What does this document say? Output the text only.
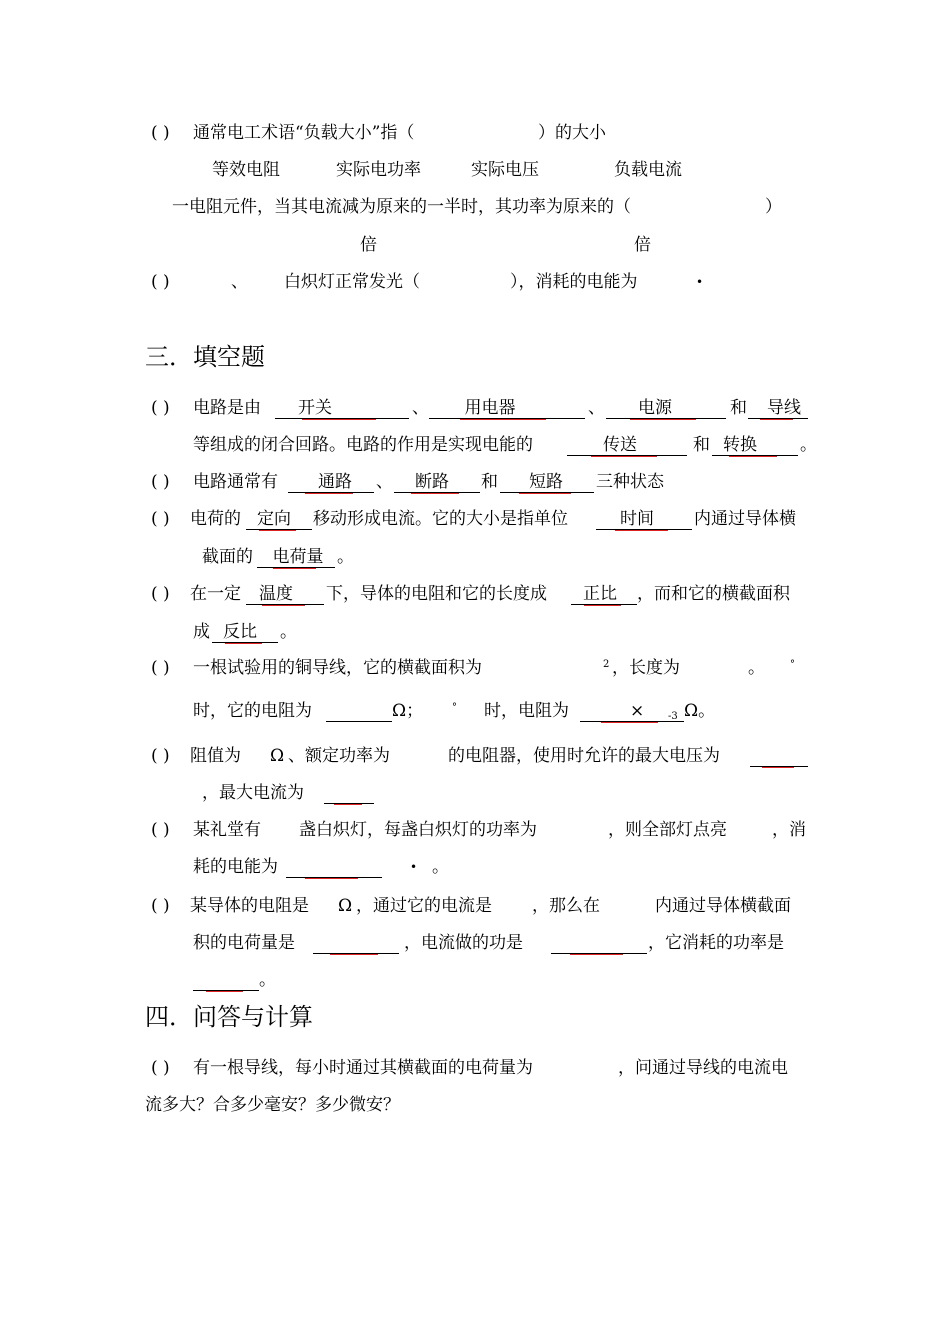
( ) 通常电工术语“负载大小”指（	）的大小
等效电阻	实际电功率	实际电压	负载电流
一电阻元件，当其电流减为原来的一半时，其功率为原来的（	）
倍	倍
( )	、 白炽灯正常发光（	），消耗的电能为	•
三．填空题
( ) 电路是由	开关	、	用电器	、	电源	和	导线
等组成的闭合回路。电路的作用是实现电能的	传送	和 转换	。
( ) 电路通常有	通路	、	断路	和	短路	三种状态
( ) 电荷的 定向	移动形成电流。它的大小是指单位	时间	内通过导体横
截面的	电荷量 。
( ) 在一定	温度	下，导体的电阻和它的长度成	正比	，而和它的横截面积
成 反比	。
( ) 一根试验用的铜导线，它的横截面积为	2 ，长度为	。	°
时，它的电阻为	Ω；	° 时，电阻为	× -3 Ω。
( ) 阻值为 Ω 、额定功率为	的电阻器，使用时允许的最大电压为
，最大电流为
( ) 某礼堂有 盏白炽灯，每盏白炽灯的功率为	，则全部灯点亮	，消
耗的电能为	• 。
( ) 某导体的电阻是 Ω ，通过它的电流是 ，那么在	内通过导体横截面
积的电荷量是	，电流做的功是	，它消耗的功率是
。
四．问答与计算
( ) 有一根导线，每小时通过其横截面的电荷量为	，问通过导线的电流电
流多大？合多少毫安？多少微安？
